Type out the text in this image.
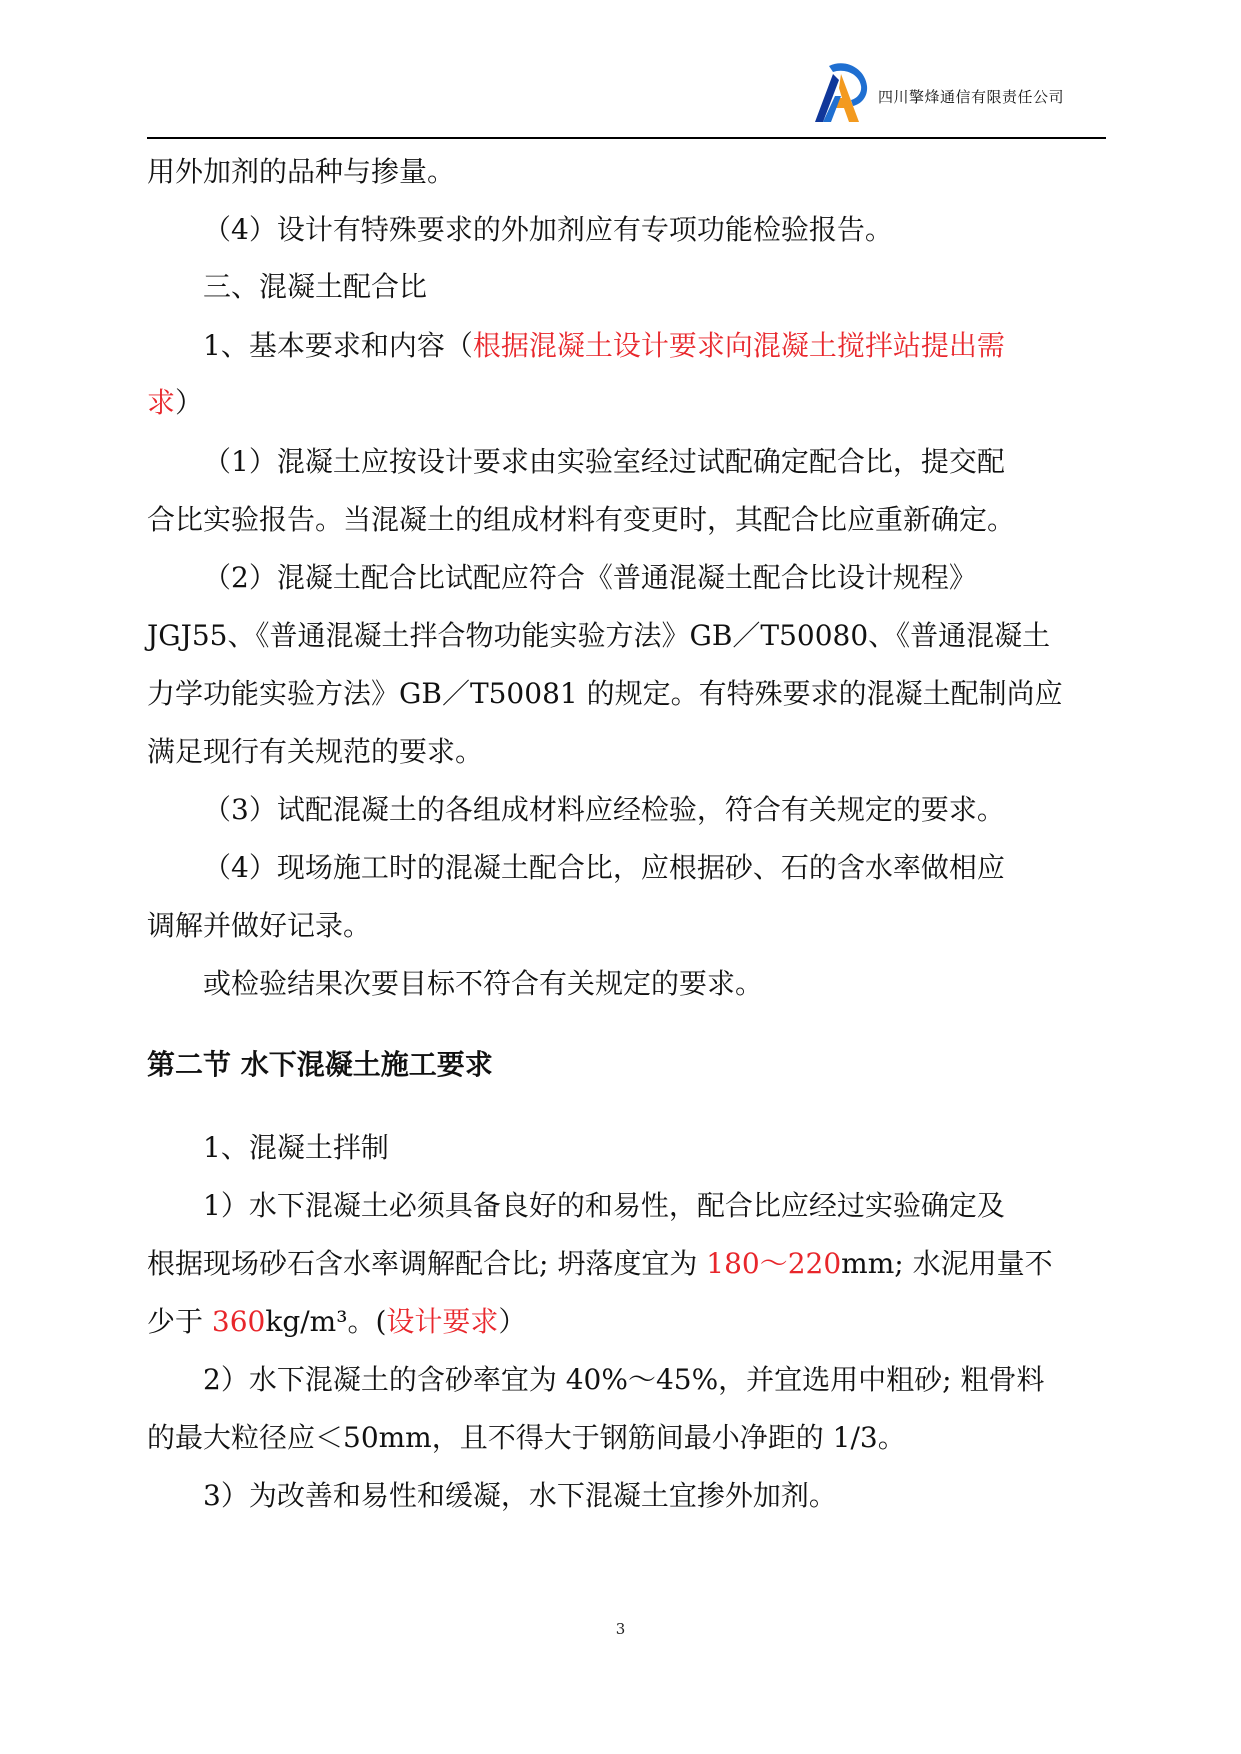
四川擎烽通信有限责任公司
用外加剂的品种与掺量。
（4）设计有特殊要求的外加剂应有专项功能检验报告。
三、混凝土配合比
1、基本要求和内容（根据混凝土设计要求向混凝土搅拌站提出需
求）
（1）混凝土应按设计要求由实验室经过试配确定配合比，提交配
合比实验报告。当混凝土的组成材料有变更时，其配合比应重新确定。
（2）混凝土配合比试配应符合《普通混凝土配合比设计规程》
JGJ55、《普通混凝土拌合物功能实验方法》GB／T50080、《普通混凝土
力学功能实验方法》GB／T50081 的规定。有特殊要求的混凝土配制尚应
满足现行有关规范的要求。
（3）试配混凝土的各组成材料应经检验，符合有关规定的要求。
（4）现场施工时的混凝土配合比，应根据砂、石的含水率做相应
调解并做好记录。
或检验结果次要目标不符合有关规定的要求。
第二节 水下混凝土施工要求
1、混凝土拌制
1）水下混凝土必须具备良好的和易性，配合比应经过实验确定及
根据现场砂石含水率调解配合比; 坍落度宜为 180～220mm; 水泥用量不
少于 360kg/m³。(设计要求）
2）水下混凝土的含砂率宜为 40%～45%，并宜选用中粗砂; 粗骨料
的最大粒径应＜50mm，且不得大于钢筋间最小净距的 1/3。
3）为改善和易性和缓凝，水下混凝土宜掺外加剂。
3
